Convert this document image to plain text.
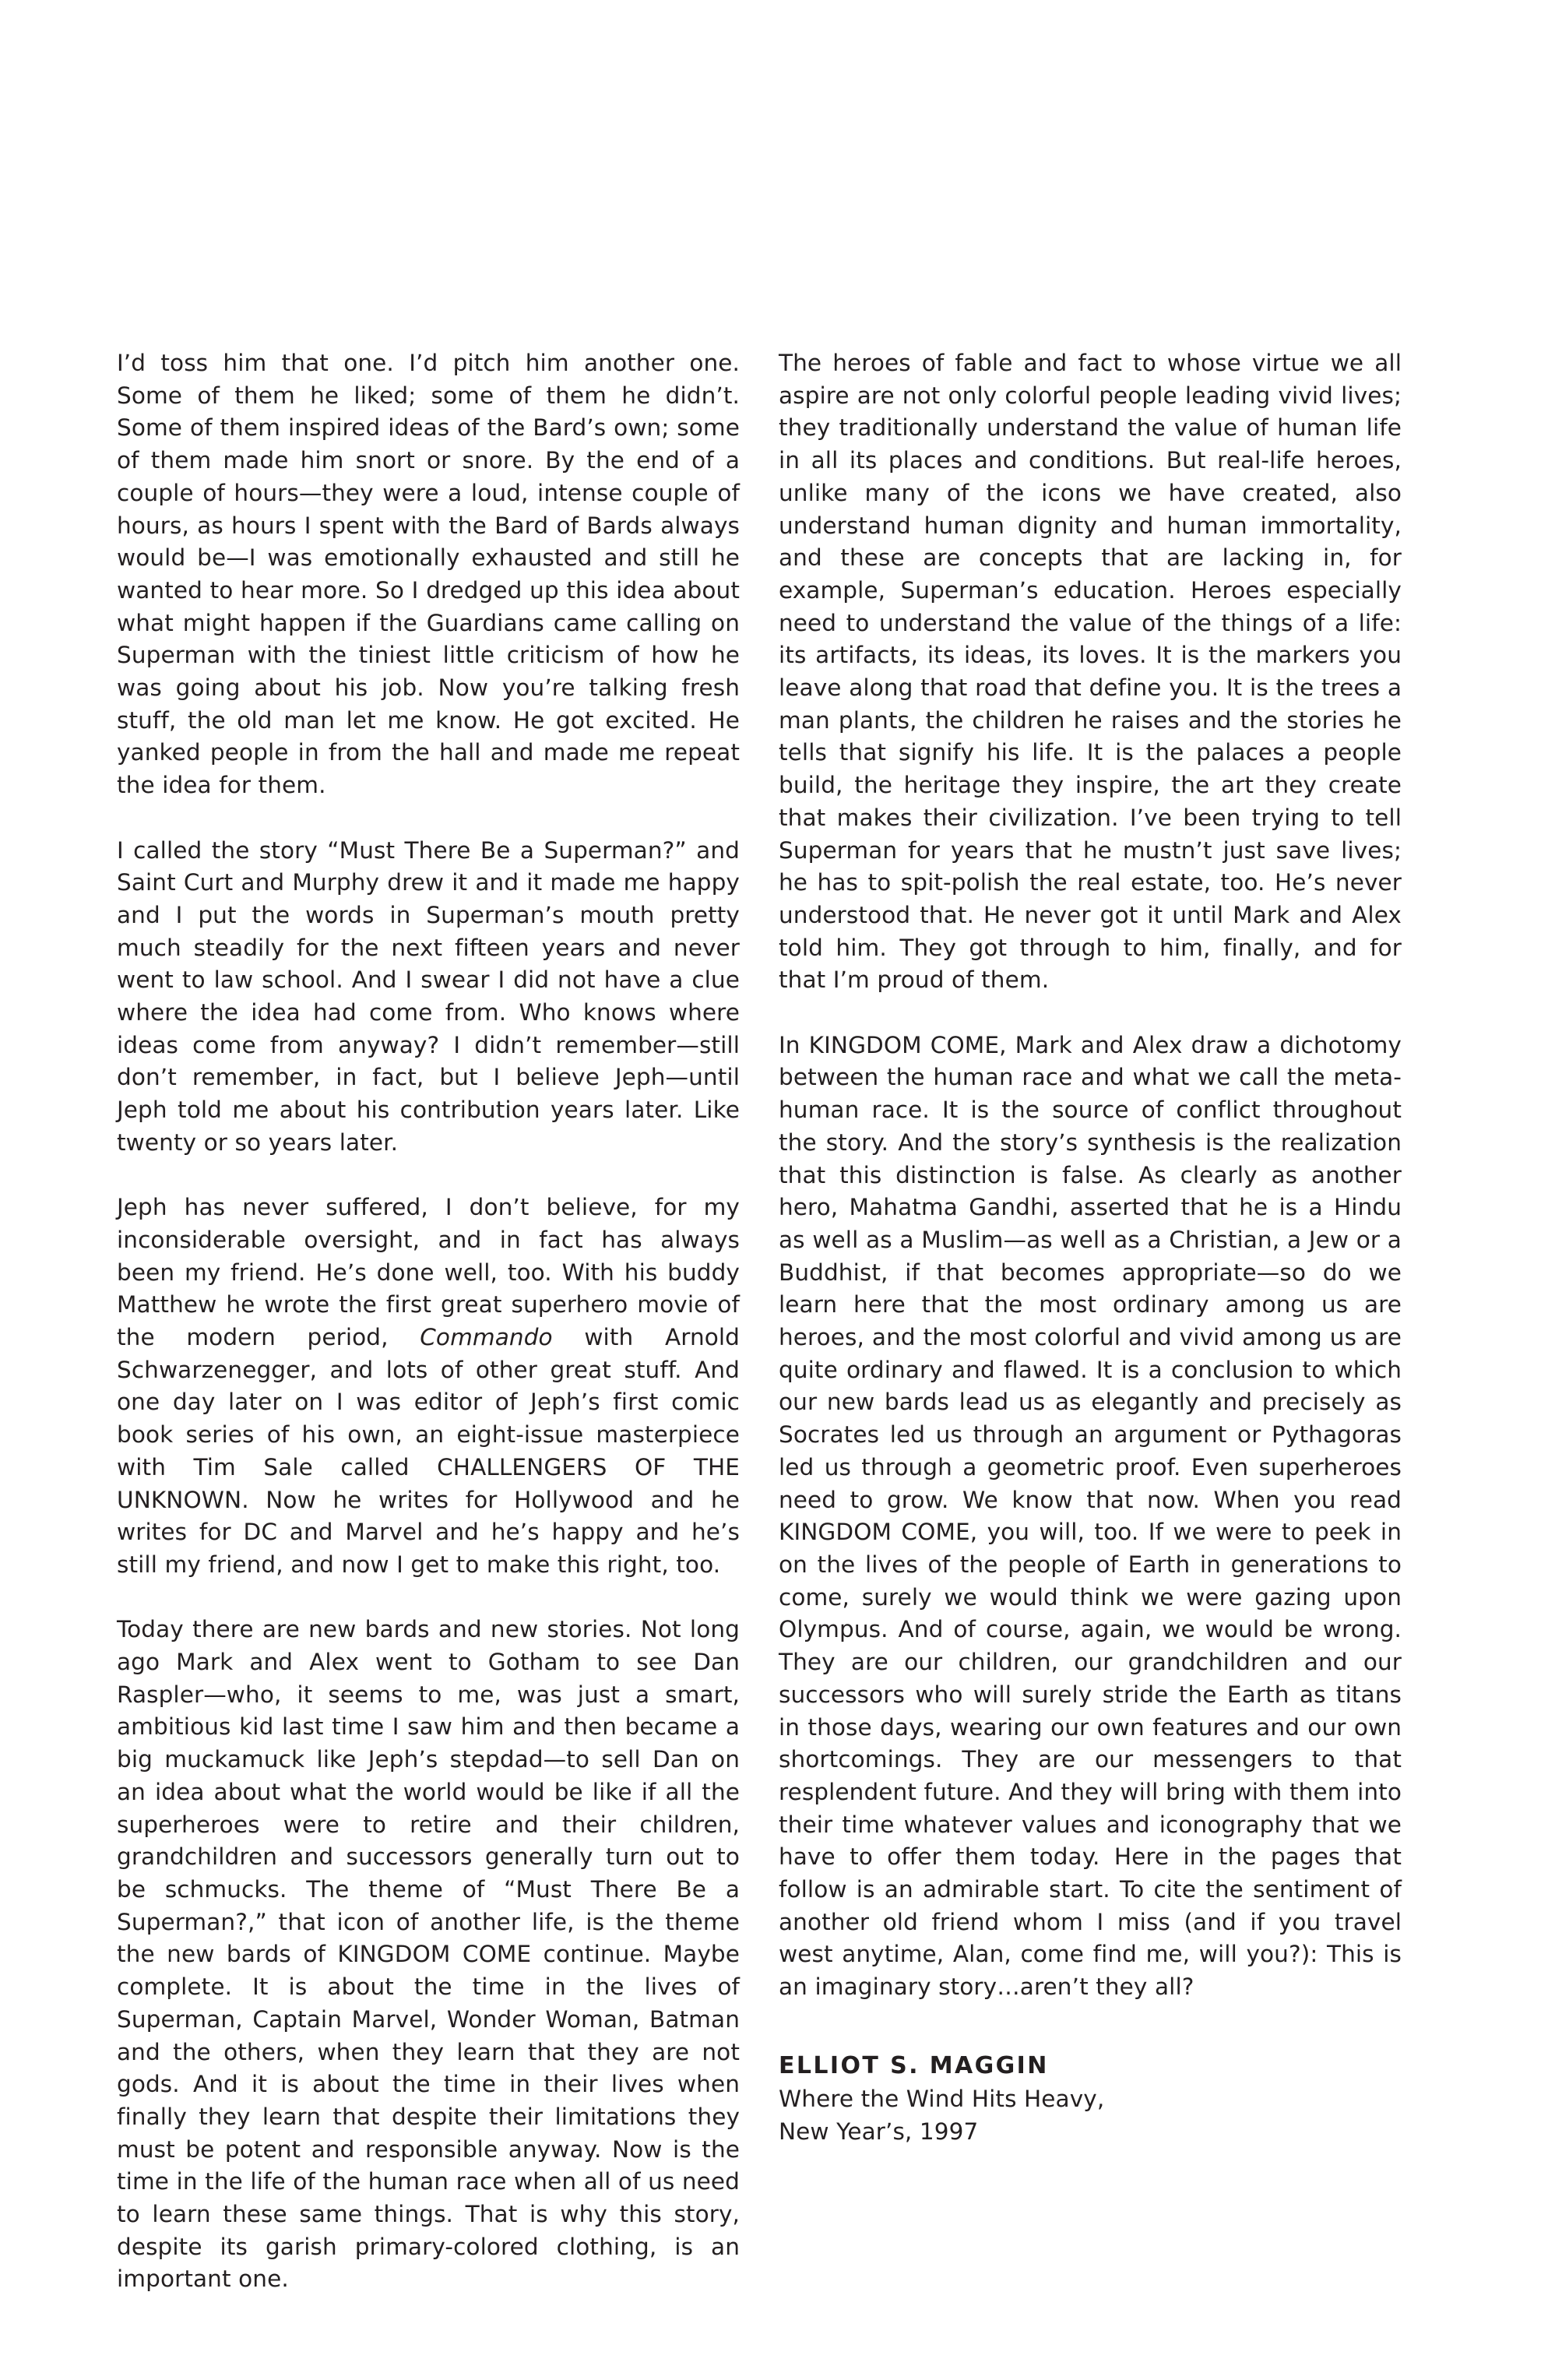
I’d toss him that one. I’d pitch him another one. Some of them he liked; some of them he didn’t. Some of them inspired ideas of the Bard’s own; some of them made him snort or snore. By the end of a couple of hours—they were a loud, intense couple of hours, as hours I spent with the Bard of Bards always would be—I was emotionally exhausted and still he wanted to hear more. So I dredged up this idea about what might happen if the Guardians came calling on Superman with the tiniest little criticism of how he was going about his job. Now you’re talking fresh stuff, the old man let me know. He got excited. He yanked people in from the hall and made me repeat the idea for them.

I called the story “Must There Be a Superman?” and Saint Curt and Murphy drew it and it made me happy and I put the words in Superman’s mouth pretty much steadily for the next fifteen years and never went to law school. And I swear I did not have a clue where the idea had come from. Who knows where ideas come from anyway? I didn’t remember—still don’t remember, in fact, but I believe Jeph—until Jeph told me about his contribution years later. Like twenty or so years later.

Jeph has never suffered, I don’t believe, for my inconsiderable oversight, and in fact has always been my friend. He’s done well, too. With his buddy Matthew he wrote the first great superhero movie of the modern period, Commando with Arnold Schwarzenegger, and lots of other great stuff. And one day later on I was editor of Jeph’s first comic book series of his own, an eight-issue masterpiece with Tim Sale called CHALLENGERS OF THE UNKNOWN. Now he writes for Hollywood and he writes for DC and Marvel and he’s happy and he’s still my friend, and now I get to make this right, too.

Today there are new bards and new stories. Not long ago Mark and Alex went to Gotham to see Dan Raspler—who, it seems to me, was just a smart, ambitious kid last time I saw him and then became a big muckamuck like Jeph’s stepdad—to sell Dan on an idea about what the world would be like if all the superheroes were to retire and their children, grandchildren and successors generally turn out to be schmucks. The theme of “Must There Be a Superman?,” that icon of another life, is the theme the new bards of KINGDOM COME continue. Maybe complete. It is about the time in the lives of Superman, Captain Marvel, Wonder Woman, Batman and the others, when they learn that they are not gods. And it is about the time in their lives when finally they learn that despite their limitations they must be potent and responsible anyway. Now is the time in the life of the human race when all of us need to learn these same things. That is why this story, despite its garish primary-colored clothing, is an important one.

The heroes of fable and fact to whose virtue we all aspire are not only colorful people leading vivid lives; they traditionally understand the value of human life in all its places and conditions. But real-life heroes, unlike many of the icons we have created, also understand human dignity and human immortality, and these are concepts that are lacking in, for example, Superman’s education. Heroes especially need to understand the value of the things of a life: its artifacts, its ideas, its loves. It is the markers you leave along that road that define you. It is the trees a man plants, the children he raises and the stories he tells that signify his life. It is the palaces a people build, the heritage they inspire, the art they create that makes their civilization. I’ve been trying to tell Superman for years that he mustn’t just save lives; he has to spit-polish the real estate, too. He’s never understood that. He never got it until Mark and Alex told him. They got through to him, finally, and for that I’m proud of them.

In KINGDOM COME, Mark and Alex draw a dichotomy between the human race and what we call the meta-human race. It is the source of conflict throughout the story. And the story’s synthesis is the realization that this distinction is false. As clearly as another hero, Mahatma Gandhi, asserted that he is a Hindu as well as a Muslim—as well as a Christian, a Jew or a Buddhist, if that becomes appropriate—so do we learn here that the most ordinary among us are heroes, and the most colorful and vivid among us are quite ordinary and flawed. It is a conclusion to which our new bards lead us as elegantly and precisely as Socrates led us through an argument or Pythagoras led us through a geometric proof. Even superheroes need to grow. We know that now. When you read KINGDOM COME, you will, too. If we were to peek in on the lives of the people of Earth in generations to come, surely we would think we were gazing upon Olympus. And of course, again, we would be wrong. They are our children, our grandchildren and our successors who will surely stride the Earth as titans in those days, wearing our own features and our own shortcomings. They are our messengers to that resplendent future. And they will bring with them into their time whatever values and iconography that we have to offer them today. Here in the pages that follow is an admirable start. To cite the sentiment of another old friend whom I miss (and if you travel west anytime, Alan, come find me, will you?): This is an imaginary story…aren’t they all?

ELLIOT S. MAGGIN
Where the Wind Hits Heavy,
New Year’s, 1997
